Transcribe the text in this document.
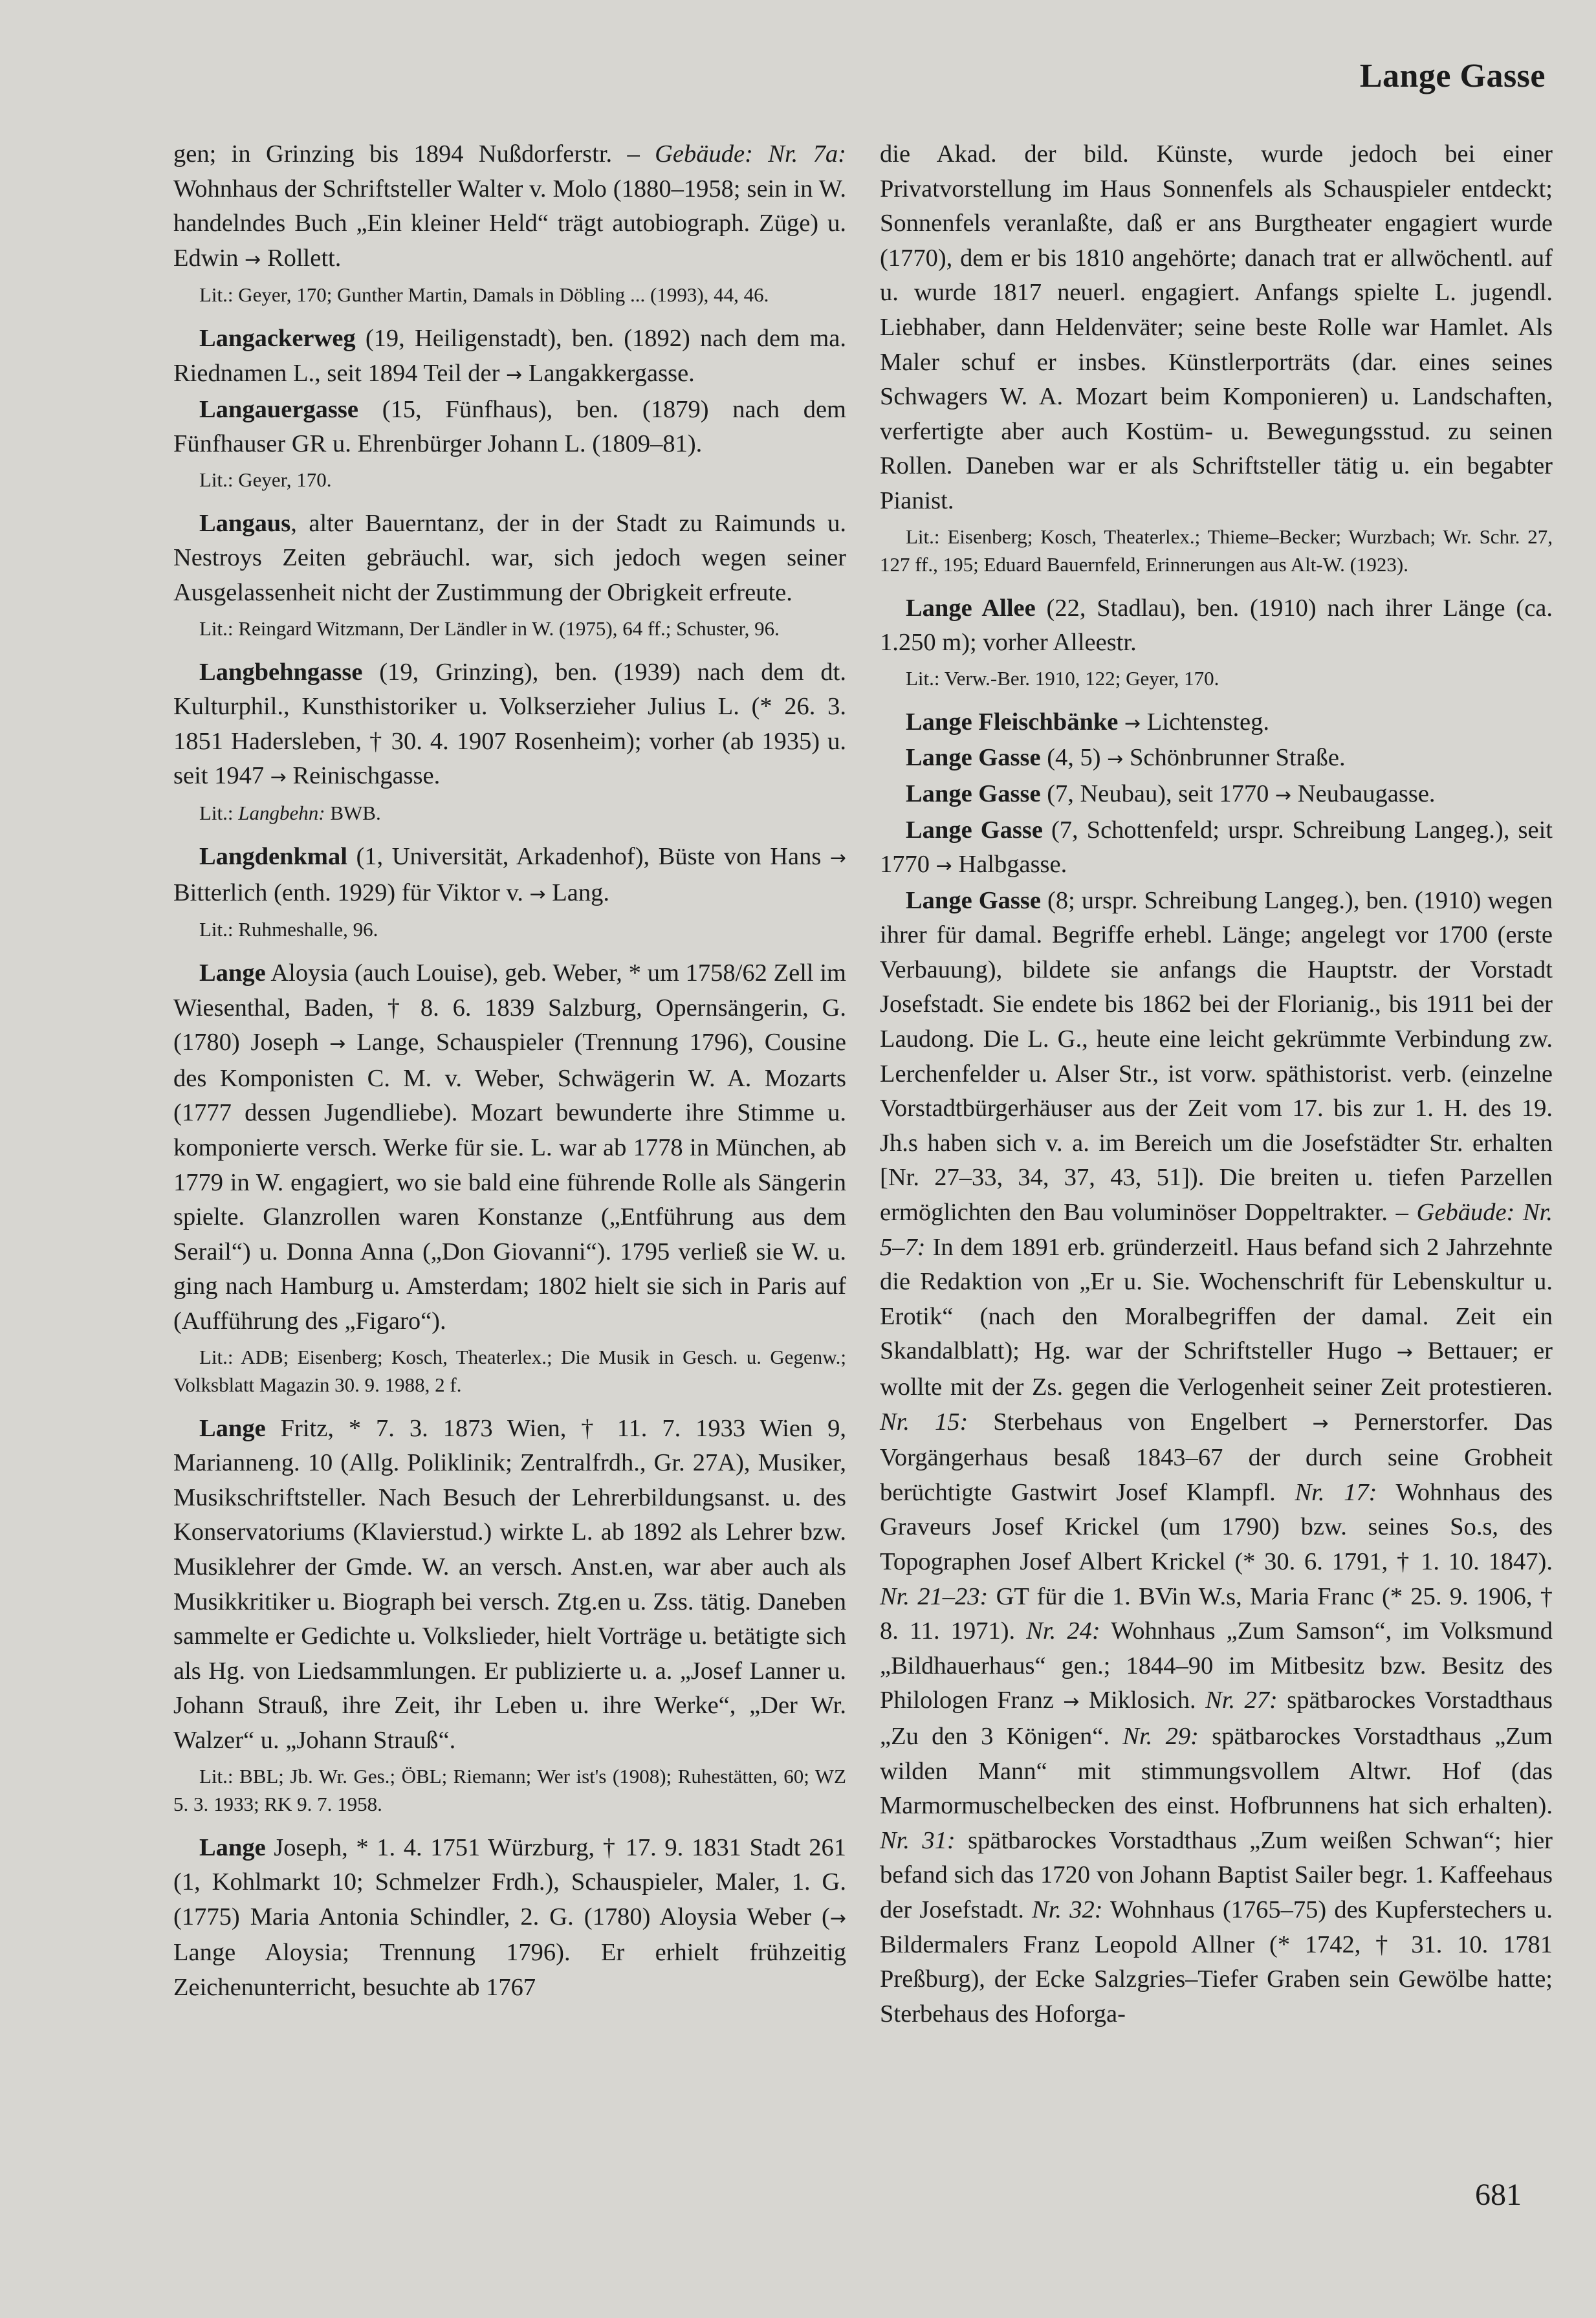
Lange Gasse

gen; in Grinzing bis 1894 Nußdorferstr. – Gebäude: Nr. 7a: Wohnhaus der Schriftsteller Walter v. Molo (1880–1958; sein in W. handelndes Buch „Ein kleiner Held“ trägt autobiograph. Züge) u. Edwin → Rollett.

Lit.: Geyer, 170; Gunther Martin, Damals in Döbling ... (1993), 44, 46.

Langackerweg (19, Heiligenstadt), ben. (1892) nach dem ma. Riednamen L., seit 1894 Teil der → Langakkergasse.

Langauergasse (15, Fünfhaus), ben. (1879) nach dem Fünfhauser GR u. Ehrenbürger Johann L. (1809–81).

Lit.: Geyer, 170.

Langaus, alter Bauerntanz, der in der Stadt zu Raimunds u. Nestroys Zeiten gebräuchl. war, sich jedoch wegen seiner Ausgelassenheit nicht der Zustimmung der Obrigkeit erfreute.

Lit.: Reingard Witzmann, Der Ländler in W. (1975), 64 ff.; Schuster, 96.

Langbehngasse (19, Grinzing), ben. (1939) nach dem dt. Kulturphil., Kunsthistoriker u. Volkserzieher Julius L. (* 26. 3. 1851 Hadersleben, † 30. 4. 1907 Rosenheim); vorher (ab 1935) u. seit 1947 → Reinischgasse.

Lit.: Langbehn: BWB.

Langdenkmal (1, Universität, Arkadenhof), Büste von Hans → Bitterlich (enth. 1929) für Viktor v. → Lang.

Lit.: Ruhmeshalle, 96.

Lange Aloysia (auch Louise), geb. Weber, * um 1758/62 Zell im Wiesenthal, Baden, † 8. 6. 1839 Salzburg, Opernsängerin, G. (1780) Joseph → Lange, Schauspieler (Trennung 1796), Cousine des Komponisten C. M. v. Weber, Schwägerin W. A. Mozarts (1777 dessen Jugendliebe). Mozart bewunderte ihre Stimme u. komponierte versch. Werke für sie. L. war ab 1778 in München, ab 1779 in W. engagiert, wo sie bald eine führende Rolle als Sängerin spielte. Glanzrollen waren Konstanze („Entführung aus dem Serail“) u. Donna Anna („Don Giovanni“). 1795 verließ sie W. u. ging nach Hamburg u. Amsterdam; 1802 hielt sie sich in Paris auf (Aufführung des „Figaro“).

Lit.: ADB; Eisenberg; Kosch, Theaterlex.; Die Musik in Gesch. u. Gegenw.; Volksblatt Magazin 30. 9. 1988, 2 f.

Lange Fritz, * 7. 3. 1873 Wien, † 11. 7. 1933 Wien 9, Marianneng. 10 (Allg. Poliklinik; Zentralfrdh., Gr. 27A), Musiker, Musikschriftsteller. Nach Besuch der Lehrerbildungsanst. u. des Konservatoriums (Klavierstud.) wirkte L. ab 1892 als Lehrer bzw. Musiklehrer der Gmde. W. an versch. Anst.en, war aber auch als Musikkritiker u. Biograph bei versch. Ztg.en u. Zss. tätig. Daneben sammelte er Gedichte u. Volkslieder, hielt Vorträge u. betätigte sich als Hg. von Liedsammlungen. Er publizierte u. a. „Josef Lanner u. Johann Strauß, ihre Zeit, ihr Leben u. ihre Werke“, „Der Wr. Walzer“ u. „Johann Strauß“.

Lit.: BBL; Jb. Wr. Ges.; ÖBL; Riemann; Wer ist's (1908); Ruhestätten, 60; WZ 5. 3. 1933; RK 9. 7. 1958.

Lange Joseph, * 1. 4. 1751 Würzburg, † 17. 9. 1831 Stadt 261 (1, Kohlmarkt 10; Schmelzer Frdh.), Schauspieler, Maler, 1. G. (1775) Maria Antonia Schindler, 2. G. (1780) Aloysia Weber (→ Lange Aloysia; Trennung 1796). Er erhielt frühzeitig Zeichenunterricht, besuchte ab 1767

die Akad. der bild. Künste, wurde jedoch bei einer Privatvorstellung im Haus Sonnenfels als Schauspieler entdeckt; Sonnenfels veranlaßte, daß er ans Burgtheater engagiert wurde (1770), dem er bis 1810 angehörte; danach trat er allwöchentl. auf u. wurde 1817 neuerl. engagiert. Anfangs spielte L. jugendl. Liebhaber, dann Heldenväter; seine beste Rolle war Hamlet. Als Maler schuf er insbes. Künstlerporträts (dar. eines seines Schwagers W. A. Mozart beim Komponieren) u. Landschaften, verfertigte aber auch Kostüm- u. Bewegungsstud. zu seinen Rollen. Daneben war er als Schriftsteller tätig u. ein begabter Pianist.

Lit.: Eisenberg; Kosch, Theaterlex.; Thieme–Becker; Wurzbach; Wr. Schr. 27, 127 ff., 195; Eduard Bauernfeld, Erinnerungen aus Alt-W. (1923).

Lange Allee (22, Stadlau), ben. (1910) nach ihrer Länge (ca. 1.250 m); vorher Alleestr.

Lit.: Verw.-Ber. 1910, 122; Geyer, 170.

Lange Fleischbänke → Lichtensteg.

Lange Gasse (4, 5) → Schönbrunner Straße.

Lange Gasse (7, Neubau), seit 1770 → Neubaugasse.

Lange Gasse (7, Schottenfeld; urspr. Schreibung Langeg.), seit 1770 → Halbgasse.

Lange Gasse (8; urspr. Schreibung Langeg.), ben. (1910) wegen ihrer für damal. Begriffe erhebl. Länge; angelegt vor 1700 (erste Verbauung), bildete sie anfangs die Hauptstr. der Vorstadt Josefstadt. Sie endete bis 1862 bei der Florianig., bis 1911 bei der Laudong. Die L. G., heute eine leicht gekrümmte Verbindung zw. Lerchenfelder u. Alser Str., ist vorw. späthistorist. verb. (einzelne Vorstadtbürgerhäuser aus der Zeit vom 17. bis zur 1. H. des 19. Jh.s haben sich v. a. im Bereich um die Josefstädter Str. erhalten [Nr. 27–33, 34, 37, 43, 51]). Die breiten u. tiefen Parzellen ermöglichten den Bau voluminöser Doppeltrakter. – Gebäude: Nr. 5–7: In dem 1891 erb. gründerzeitl. Haus befand sich 2 Jahrzehnte die Redaktion von „Er u. Sie. Wochenschrift für Lebenskultur u. Erotik“ (nach den Moralbegriffen der damal. Zeit ein Skandalblatt); Hg. war der Schriftsteller Hugo → Bettauer; er wollte mit der Zs. gegen die Verlogenheit seiner Zeit protestieren. Nr. 15: Sterbehaus von Engelbert → Pernerstorfer. Das Vorgängerhaus besaß 1843–67 der durch seine Grobheit berüchtigte Gastwirt Josef Klampfl. Nr. 17: Wohnhaus des Graveurs Josef Krickel (um 1790) bzw. seines So.s, des Topographen Josef Albert Krickel (* 30. 6. 1791, † 1. 10. 1847). Nr. 21–23: GT für die 1. BVin W.s, Maria Franc (* 25. 9. 1906, † 8. 11. 1971). Nr. 24: Wohnhaus „Zum Samson“, im Volksmund „Bildhauerhaus“ gen.; 1844–90 im Mitbesitz bzw. Besitz des Philologen Franz → Miklosich. Nr. 27: spätbarockes Vorstadthaus „Zu den 3 Königen“. Nr. 29: spätbarockes Vorstadthaus „Zum wilden Mann“ mit stimmungsvollem Altwr. Hof (das Marmormuschelbecken des einst. Hofbrunnens hat sich erhalten). Nr. 31: spätbarockes Vorstadthaus „Zum weißen Schwan“; hier befand sich das 1720 von Johann Baptist Sailer begr. 1. Kaffeehaus der Josefstadt. Nr. 32: Wohnhaus (1765–75) des Kupferstechers u. Bildermalers Franz Leopold Allner (* 1742, † 31. 10. 1781 Preßburg), der Ecke Salzgries–Tiefer Graben sein Gewölbe hatte; Sterbehaus des Hoforga-

681
